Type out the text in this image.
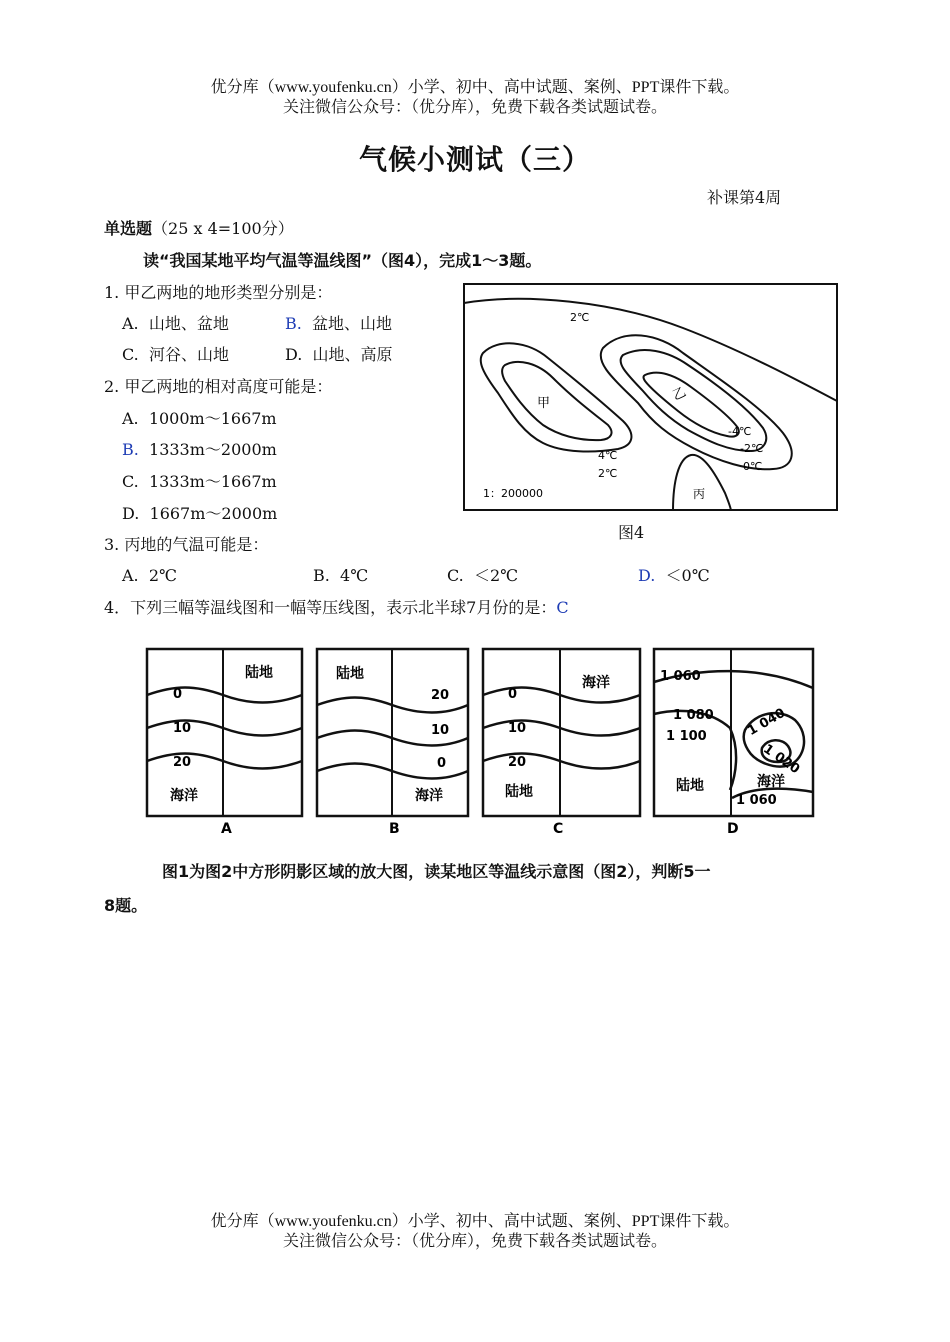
优分库（www.youfenku.cn）小学、初中、高中试题、案例、PPT课件下载。
关注微信公众号：（优分库），免费下载各类试题试卷。
气候小测试（三）
补课第4周
单选题（25 x 4=100分）
读“我国某地平均气温等温线图”（图4），完成1～3题。
1. 甲乙两地的地形类型分别是：
A. 山地、盆地	B. 盆地、山地
C. 河谷、山地	D. 山地、高原
2. 甲乙两地的相对高度可能是：
A. 1000m～1667m
B. 1333m～2000m
C. 1333m～1667m
D. 1667m～2000m
3. 丙地的气温可能是：
A. 2℃	B. 4℃	C. ＜2℃	D. ＜0℃
4．下列三幅等温线图和一幅等压线图，表示北半球7月份的是：C
2℃
甲	乙
4℃
2℃
-4℃
-2℃
0℃
1：200000	丙
图4
0
10
20
陆地
海洋
A
20
10
0
陆地
海洋
B
0
10
20
海洋
陆地
C
1 060
1 080
1 100	1 040
1 020
1 060
陆地	海洋
D
图1为图2中方形阴影区域的放大图，读某地区等温线示意图（图2），判断5一
8题。
优分库（www.youfenku.cn）小学、初中、高中试题、案例、PPT课件下载。
关注微信公众号：（优分库），免费下载各类试题试卷。
